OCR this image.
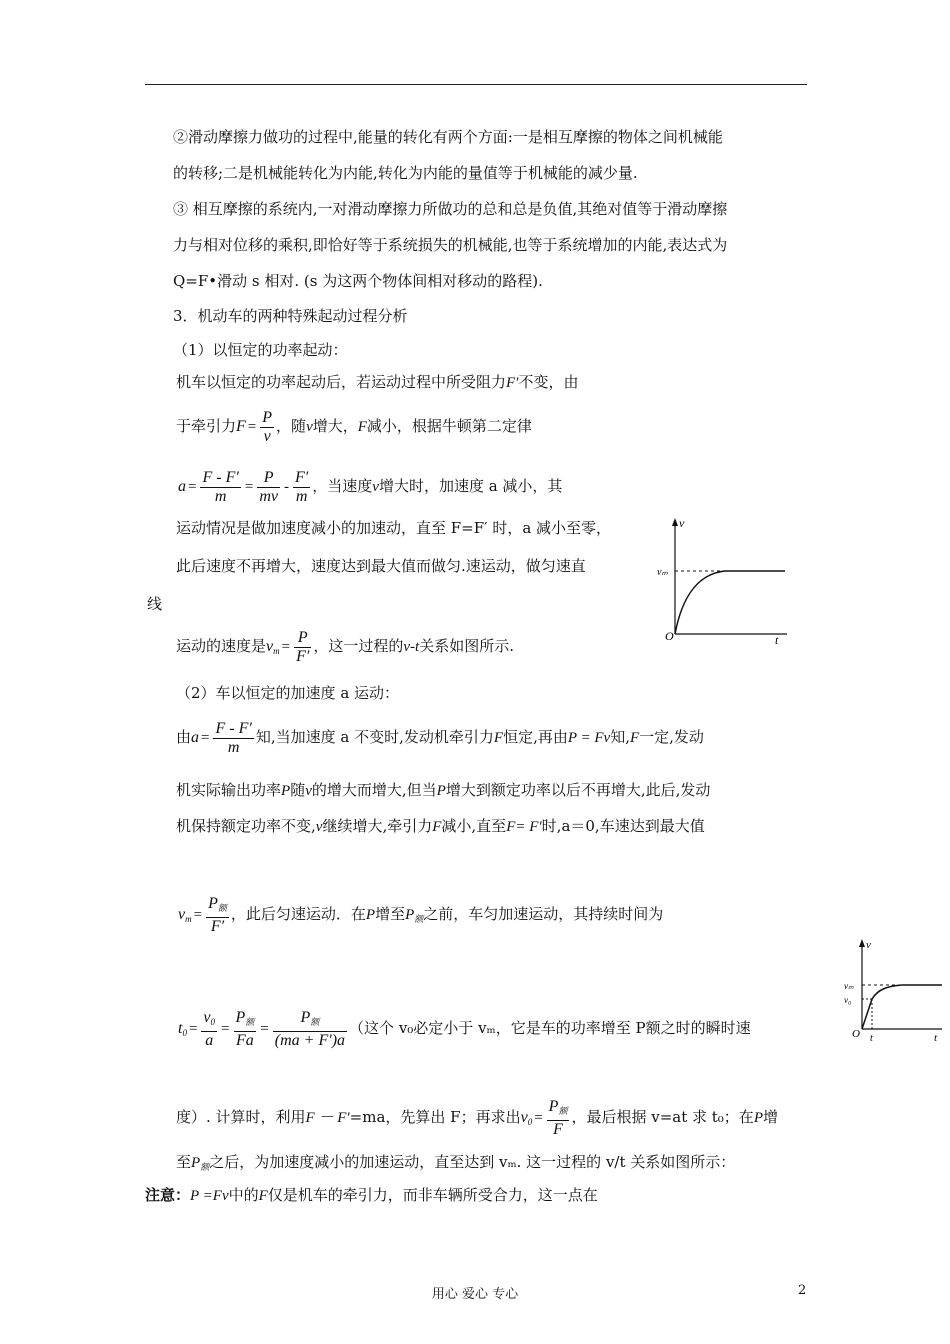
②滑动摩擦力做功的过程中,能量的转化有两个方面:一是相互摩擦的物体之间机械能
的转移;二是机械能转化为内能,转化为内能的量值等于机械能的减少量.
③ 相互摩擦的系统内,一对滑动摩擦力所做功的总和总是负值,其绝对值等于滑动摩擦
力与相对位移的乘积,即恰好等于系统损失的机械能,也等于系统增加的内能,表达式为
Q=F•滑动 s 相对. (s 为这两个物体间相对移动的路程).
3．机动车的两种特殊起动过程分析
（1）以恒定的功率起动：
机车以恒定的功率起动后，若运动过程中所受阻力F′不变，由
于牵引力$F = \frac{P}{v}$ ，随v增大，F减小，根据牛顿第二定律
$a = \frac{F - F'}{m} = \frac{P}{mv} - \frac{F'}{m}$ ，当速度v增大时，加速度 a 减小，其
运动情况是做加速度减小的加速动，直至 F=F′ 时，a 减小至零，
此后速度不再增大，速度达到最大值而做匀.速运动，做匀速直
线
运动的速度是$v_m = \frac{P}{F'}$ ，这一过程的v-t关系如图所示.
v
vₘ
O	t
（2）车以恒定的加速度 a 运动：
由$a = \frac{F - F'}{m}$ 知,当加速度 a 不变时,发动机牵引力F恒定,再由P = Fv知,F一定,发动
机实际输出功率P随v的增大而增大,但当P增大到额定功率以后不再增大,此后,发动
机保持额定功率不变,v继续增大,牵引力F减小,直至F= F′时,a＝0,车速达到最大值
$v_m = \frac{P_额}{F'}$ ，此后匀速运动．在P增至$P_额$之前，车匀加速运动，其持续时间为
$t_0 = \frac{v_0}{a} = \frac{P_额}{Fa} = \frac{P_额}{(ma + F')a}$ （这个 v₀必定小于 vₘ，它是车的功率增至 P额之时的瞬时速
v
vₘ
v₀
O t	t
度）. 计算时，利用F － F′=ma，先算出 F；再求出$v_0 = \frac{P_额}{F}$ ，最后根据 v=at 求 t₀；在P增
至$P_额$之后，为加速度减小的加速运动，直至达到 vₘ. 这一过程的 v/t 关系如图所示：
注意：P =Fv中的F仅是机车的牵引力，而非车辆所受合力，这一点在
用心 爱心 专心	2
